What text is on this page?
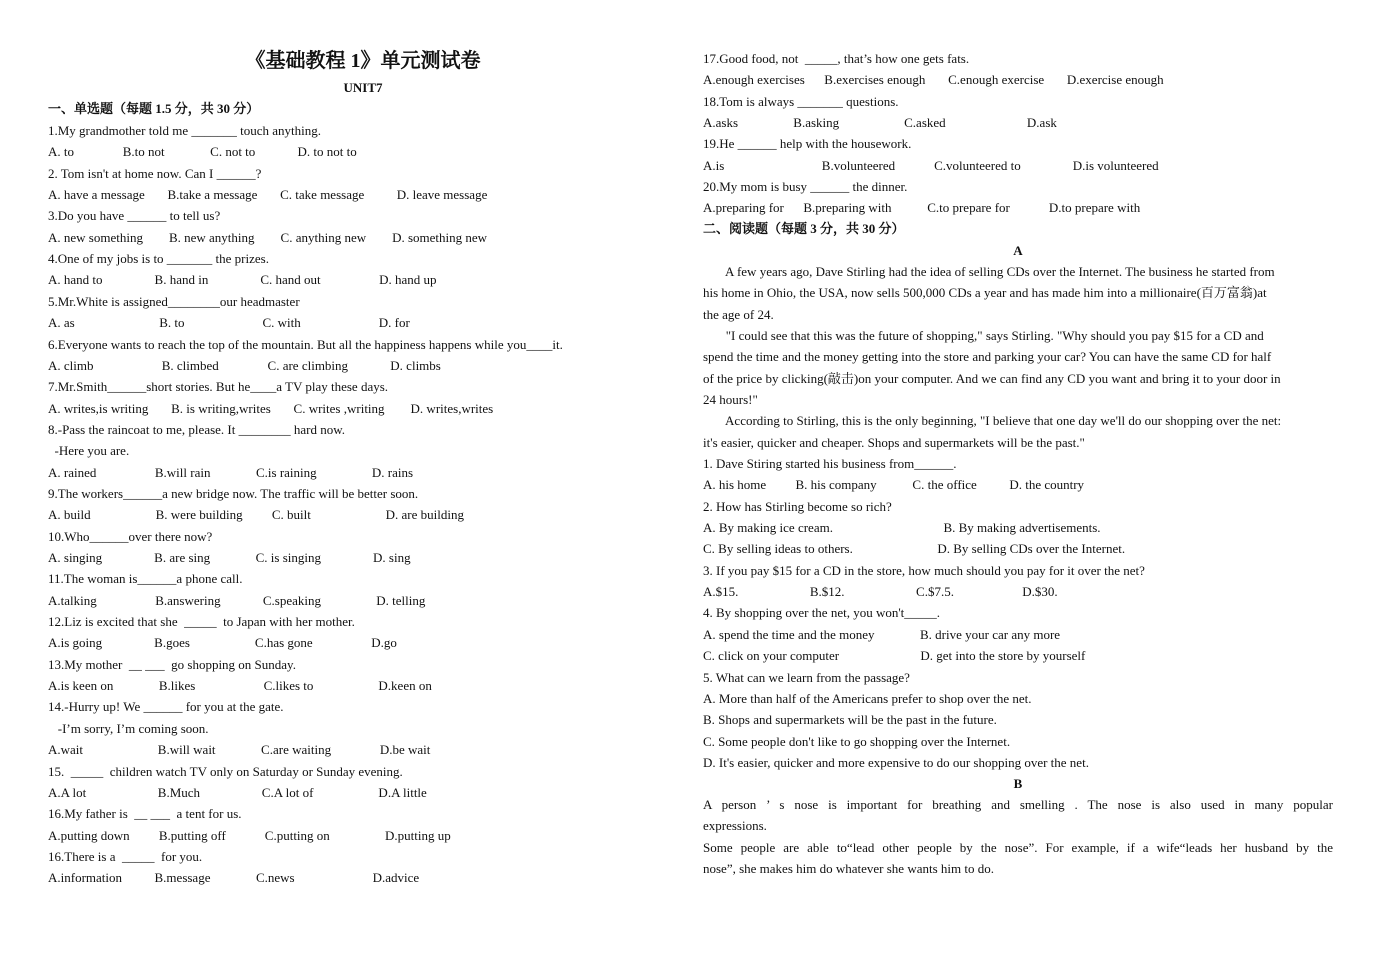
《基础教程 1》单元测试卷
UNIT7
一、单选题（每题 1.5 分，共 30 分）
1.My grandmother told me _______ touch anything.
A. to               B.to not              C. not to             D. to not to
2. Tom isn't at home now. Can I ______?
A. have a message       B.take a message       C. take message          D. leave message
3.Do you have ______ to tell us?
A. new something        B. new anything        C. anything new        D. something new
4.One of my jobs is to _______ the prizes.
A. hand to                B. hand in                C. hand out                  D. hand up
5.Mr.White is assigned________our headmaster
A. as                          B. to                        C. with                        D. for
6.Everyone wants to reach the top of the mountain. But all the happiness happens while you____it.
A. climb                     B. climbed               C. are climbing             D. climbs
7.Mr.Smith______short stories. But he____a TV play these days.
A. writes,is writing       B. is writing,writes       C. writes ,writing        D. writes,writes
8.-Pass the raincoat to me, please. It ________ hard now.
-Here you are.
A. rained                  B.will rain              C.is raining                 D. rains
9.The workers______a new bridge now. The traffic will be better soon.
A. build                    B. were building         C. built                       D. are building
10.Who______over there now?
A. singing                B. are sing              C. is singing                D. sing
11.The woman is______a phone call.
A.talking                  B.answering             C.speaking                 D. telling
12.Liz is excited that she  _____  to Japan with her mother.
A.is going                B.goes                    C.has gone                  D.go
13.My mother  __ ___  go shopping on Sunday.
A.is keen on              B.likes                     C.likes to                    D.keen on
14.-Hurry up! We ______ for you at the gate.
-I’m sorry, I’m coming soon.
A.wait                       B.will wait              C.are waiting               D.be wait
15.  _____  children watch TV only on Saturday or Sunday evening.
A.A lot                      B.Much                   C.A lot of                    D.A little
16.My father is  __ ___  a tent for us.
A.putting down         B.putting off            C.putting on                 D.putting up
16.There is a  _____  for you.
A.information          B.message              C.news                        D.advice
17.Good food, not  _____, that’s how one gets fats.
A.enough exercises      B.exercises enough       C.enough exercise       D.exercise enough
18.Tom is always _______ questions.
A.asks                 B.asking                    C.asked                         D.ask
19.He ______ help with the housework.
A.is                              B.volunteered            C.volunteered to                D.is volunteered
20.My mom is busy ______ the dinner.
A.preparing for      B.preparing with           C.to prepare for            D.to prepare with
二、阅读题（每题 3 分，共 30 分）
A
A few years ago, Dave Stirling had the idea of selling CDs over the Internet. The business he started from
his home in Ohio, the USA, now sells 500,000 CDs a year and has made him into a millionaire(百万富翁)at
the age of 24.
"I could see that this was the future of shopping," says Stirling. "Why should you pay $15 for a CD and
spend the time and the money getting into the store and parking your car? You can have the same CD for half
of the price by clicking(敲击)on your computer. And we can find any CD you want and bring it to your door in
24 hours!"
According to Stirling, this is the only beginning, "I believe that one day we'll do our shopping over the net:
it's easier, quicker and cheaper. Shops and supermarkets will be the past."
1. Dave Stiring started his business from______.
A. his home         B. his company           C. the office          D. the country
2. How has Stirling become so rich?
A. By making ice cream.                                  B. By making advertisements.
C. By selling ideas to others.                          D. By selling CDs over the Internet.
3. If you pay $15 for a CD in the store, how much should you pay for it over the net?
A.$15.                      B.$12.                      C.$7.5.                     D.$30.
4. By shopping over the net, you won't_____.
A. spend the time and the money              B. drive your car any more
C. click on your computer                         D. get into the store by yourself
5. What can we learn from the passage?
A. More than half of the Americans prefer to shop over the net.
B. Shops and supermarkets will be the past in the future.
C. Some people don't like to go shopping over the Internet.
D. It's easier, quicker and more expensive to do our shopping over the net.
B
A person ’ s nose is important for breathing and smelling . The nose is also used in many popular
expressions.
Some people are able to“lead other people by the nose”. For example, if a wife“leads her husband by the
nose”, she makes him do whatever she wants him to do.
